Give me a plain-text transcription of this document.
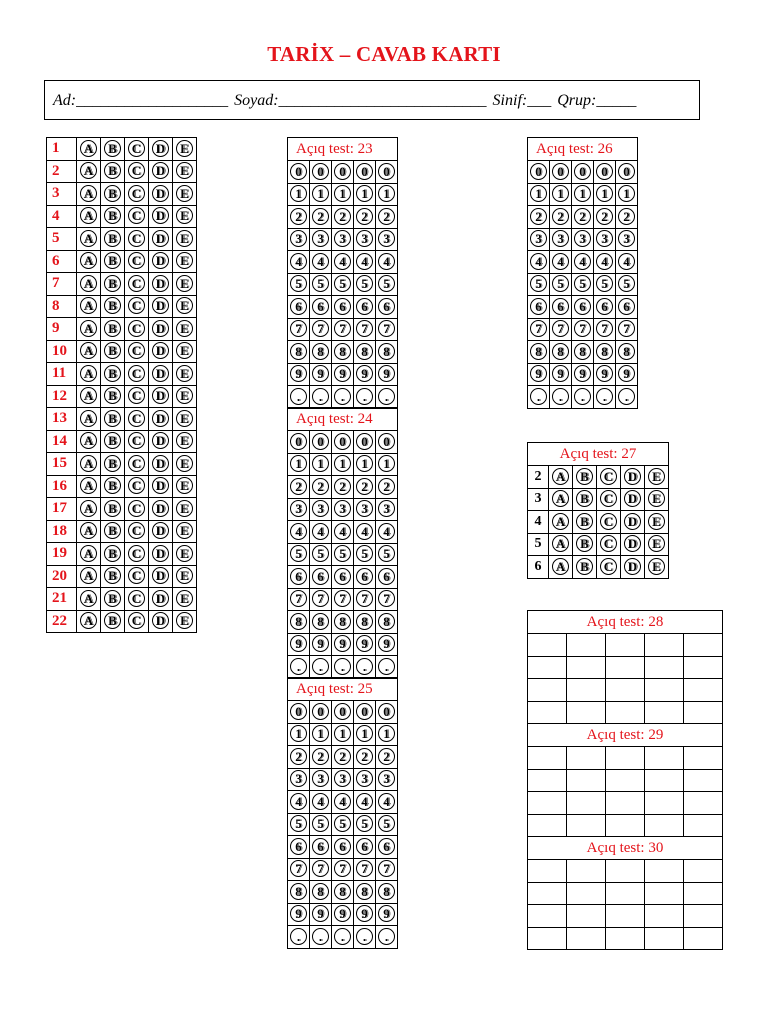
TARİX – CAVAB KARTI
Ad:___________________ Soyad:__________________________ Sinif:___ Qrup:_____
1	A	B	C	D	E
2	A	B	C	D	E
3	A	B	C	D	E
4	A	B	C	D	E
5	A	B	C	D	E
6	A	B	C	D	E
7	A	B	C	D	E
8	A	B	C	D	E
9	A	B	C	D	E
10	A	B	C	D	E
11	A	B	C	D	E
12	A	B	C	D	E
13	A	B	C	D	E
14	A	B	C	D	E
15	A	B	C	D	E
16	A	B	C	D	E
17	A	B	C	D	E
18	A	B	C	D	E
19	A	B	C	D	E
20	A	B	C	D	E
21	A	B	C	D	E
22	A	B	C	D	E
Açıq test: 23				
0	0	0	0	0
1	1	1	1	1
2	2	2	2	2
3	3	3	3	3
4	4	4	4	4
5	5	5	5	5
6	6	6	6	6
7	7	7	7	7
8	8	8	8	8
9	9	9	9	9
.	.	.	.	.
Açıq test: 24				
0	0	0	0	0
1	1	1	1	1
2	2	2	2	2
3	3	3	3	3
4	4	4	4	4
5	5	5	5	5
6	6	6	6	6
7	7	7	7	7
8	8	8	8	8
9	9	9	9	9
.	.	.	.	.
Açıq test: 25				
0	0	0	0	0
1	1	1	1	1
2	2	2	2	2
3	3	3	3	3
4	4	4	4	4
5	5	5	5	5
6	6	6	6	6
7	7	7	7	7
8	8	8	8	8
9	9	9	9	9
.	.	.	.	.
Açıq test: 26				
0	0	0	0	0
1	1	1	1	1
2	2	2	2	2
3	3	3	3	3
4	4	4	4	4
5	5	5	5	5
6	6	6	6	6
7	7	7	7	7
8	8	8	8	8
9	9	9	9	9
.	.	.	.	.
Açıq test: 27					
2	A	B	C	D	E
3	A	B	C	D	E
4	A	B	C	D	E
5	A	B	C	D	E
6	A	B	C	D	E
Açıq test: 28				

Açıq test: 29				

Açıq test: 30				
